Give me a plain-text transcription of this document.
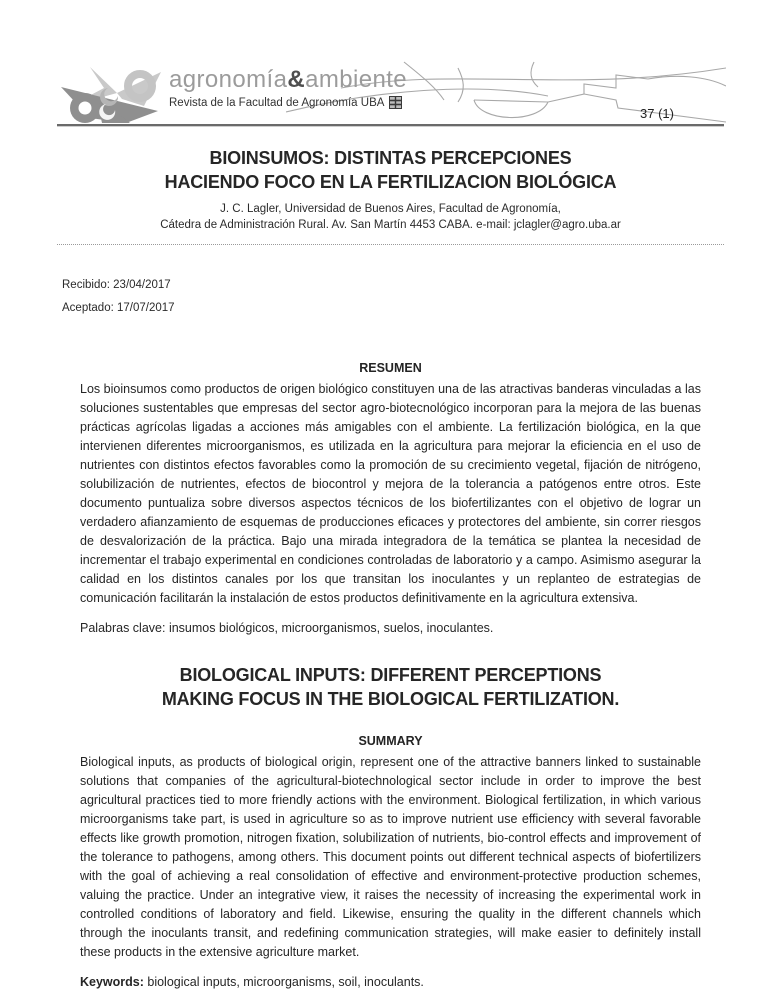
agronomía&ambiente
Revista de la Facultad de Agronomía UBA
37 (1)
BIOINSUMOS: DISTINTAS PERCEPCIONES
HACIENDO FOCO EN LA FERTILIZACION BIOLÓGICA

J. C. Lagler, Universidad de Buenos Aires, Facultad de Agronomía,
Cátedra de Administración Rural. Av. San Martín 4453 CABA. e-mail: jclagler@agro.uba.ar

Recibido: 23/04/2017
Aceptado: 17/07/2017
RESUMEN

Los bioinsumos como productos de origen biológico constituyen una de las atractivas banderas vinculadas a las soluciones sustentables que empresas del sector agro-biotecnológico incorporan para la mejora de las buenas prácticas agrícolas ligadas a acciones más amigables con el ambiente. La fertilización biológica, en la que intervienen diferentes microorganismos, es utilizada en la agricultura para mejorar la eficiencia en el uso de nutrientes con distintos efectos favorables como la promoción de su crecimiento vegetal, fijación de nitrógeno, solubilización de nutrientes, efectos de biocontrol y mejora de la tolerancia a patógenos entre otros. Este documento puntualiza sobre diversos aspectos técnicos de los biofertilizantes con el objetivo de lograr un verdadero afianzamiento de esquemas de producciones eficaces y protectores del ambiente, sin correr riesgos de desvalorización de la práctica. Bajo una mirada integradora de la temática se plantea la necesidad de incrementar el trabajo experimental en condiciones controladas de laboratorio y a campo. Asimismo asegurar la calidad en los distintos canales por los que transitan los inoculantes y un replanteo de estrategias de comunicación facilitarán la instalación de estos productos definitivamente en la agricultura extensiva.

Palabras clave: insumos biológicos, microorganismos, suelos, inoculantes.

BIOLOGICAL INPUTS: DIFFERENT PERCEPTIONS
MAKING FOCUS IN THE BIOLOGICAL FERTILIZATION.
SUMMARY

Biological inputs, as products of biological origin, represent one of the attractive banners linked to sustainable solutions that companies of the agricultural-biotechnological sector include in order to improve the best agricultural practices tied to more friendly actions with the environment. Biological fertilization, in which various microorganisms take part, is used in agriculture so as to improve nutrient use efficiency with several favorable effects like growth promotion, nitrogen fixation, solubilization of nutrients, bio-control effects and improvement of the tolerance to pathogens, among others. This document points out different technical aspects of biofertilizers with the goal of achieving a real consolidation of effective and environment-protective production schemes, valuing the practice. Under an integrative view, it raises the necessity of increasing the experimental work in controlled conditions of laboratory and field. Likewise, ensuring the quality in the different channels which through the inoculants transit, and redefining communication strategies, will make easier to definitely install these products in the extensive agriculture market.

Keywords: biological inputs, microorganisms, soil, inoculants.
